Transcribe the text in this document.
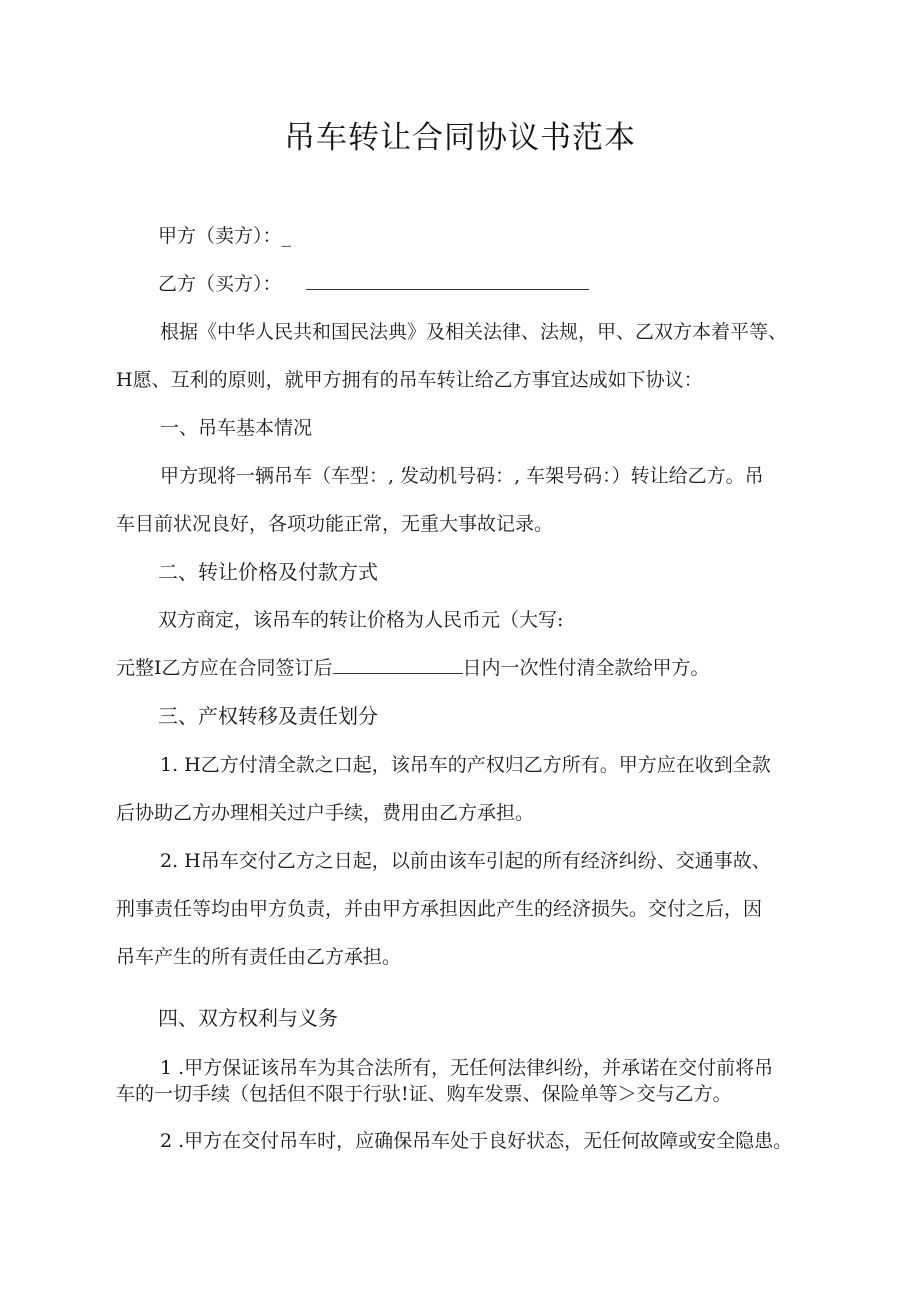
吊车转让合同协议书范本
甲方（卖方）：_
乙方（买方）：
根据《中华人民共和国民法典》及相关法律、法规，甲、乙双方本着平等、
H愿、互利的原则，就甲方拥有的吊车转让给乙方事宜达成如下协议：
一、吊车基本情况
甲方现将一辆吊车（车型：, 发动机号码：, 车架号码：）转让给乙方。吊
车目前状况良好，各项功能正常，无重大事故记录。
二、转让价格及付款方式
双方商定，该吊车的转让价格为人民币元（大写:
元整I乙方应在合同签订后	日内一次性付清全款给甲方。
三、产权转移及责任划分
1. H乙方付清全款之口起，该吊车的产权归乙方所有。甲方应在收到全款
后协助乙方办理相关过户手续，费用由乙方承担。
2. H吊车交付乙方之日起，以前由该车引起的所有经济纠纷、交通事故、
刑事责任等均由甲方负责，并由甲方承担因此产生的经济损失。交付之后，因
吊车产生的所有责任由乙方承担。
四、双方权利与义务
1 .甲方保证该吊车为其合法所有，无任何法律纠纷，并承诺在交付前将吊
车的一切手续（包括但不限于行驮!证、购车发票、保险单等＞交与乙方。
2 .甲方在交付吊车时，应确保吊车处于良好状态，无任何故障或安全隐患。
